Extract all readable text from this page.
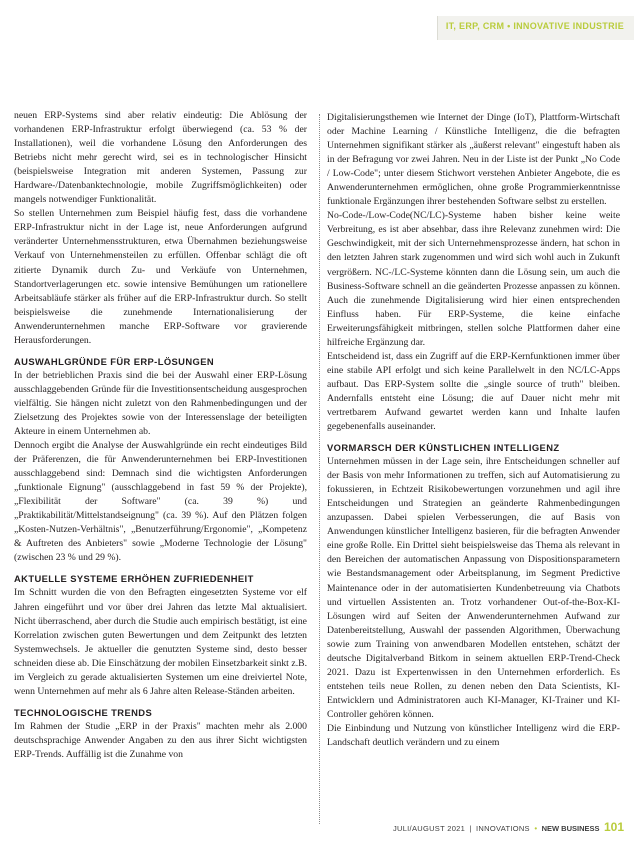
IT, ERP, CRM • INNOVATIVE INDUSTRIE

neuen ERP-Systems sind aber relativ eindeutig: Die Ablösung der vorhandenen ERP-Infrastruktur erfolgt überwiegend (ca. 53 % der Installationen), weil die vorhandene Lösung den Anforderungen des Betriebs nicht mehr gerecht wird, sei es in technologischer Hinsicht (beispielsweise Integration mit anderen Systemen, Passung zur Hardware-/Datenbanktechnologie, mobile Zugriffsmöglichkeiten) oder mangels notwendiger Funktionalität.

So stellen Unternehmen zum Beispiel häufig fest, dass die vorhandene ERP-Infrastruktur nicht in der Lage ist, neue Anforderungen aufgrund veränderter Unternehmensstrukturen, etwa Übernahmen beziehungsweise Verkauf von Unternehmensteilen zu erfüllen. Offenbar schlägt die oft zitierte Dynamik durch Zu- und Verkäufe von Unternehmen, Standortverlagerungen etc. sowie intensive Bemühungen um rationellere Arbeitsabläufe stärker als früher auf die ERP-Infrastruktur durch. So stellt beispielsweise die zunehmende Internationalisierung der Anwenderunternehmen manche ERP-Software vor gravierende Herausforderungen.

AUSWAHLGRÜNDE FÜR ERP-LÖSUNGEN

In der betrieblichen Praxis sind die bei der Auswahl einer ERP-Lösung ausschlaggebenden Gründe für die Investitionsentscheidung ausgesprochen vielfältig. Sie hängen nicht zuletzt von den Rahmenbedingungen und der Zielsetzung des Projektes sowie von der Interessenslage der beteiligten Akteure in einem Unternehmen ab.

Dennoch ergibt die Analyse der Auswahlgründe ein recht eindeutiges Bild der Präferenzen, die für Anwenderunternehmen bei ERP-Investitionen ausschlaggebend sind: Demnach sind die wichtigsten Anforderungen „funktionale Eignung" (ausschlaggebend in fast 59 % der Projekte), „Flexibilität der Software" (ca. 39 %) und „Praktikabilität/Mittelstandseignung" (ca. 39 %). Auf den Plätzen folgen „Kosten-Nutzen-Verhältnis", „Benutzerführung/Ergonomie", „Kompetenz & Auftreten des Anbieters" sowie „Moderne Technologie der Lösung" (zwischen 23 % und 29 %).

AKTUELLE SYSTEME ERHÖHEN ZUFRIEDENHEIT

Im Schnitt wurden die von den Befragten eingesetzten Systeme vor elf Jahren eingeführt und vor über drei Jahren das letzte Mal aktualisiert. Nicht überraschend, aber durch die Studie auch empirisch bestätigt, ist eine Korrelation zwischen guten Bewertungen und dem Zeitpunkt des letzten Systemwechsels. Je aktueller die genutzten Systeme sind, desto besser schneiden diese ab. Die Einschätzung der mobilen Einsetzbarkeit sinkt z.B. im Vergleich zu gerade aktualisierten Systemen um eine dreiviertel Note, wenn Unternehmen auf mehr als 6 Jahre alten Release-Ständen arbeiten.

TECHNOLOGISCHE TRENDS

Im Rahmen der Studie „ERP in der Praxis" machten mehr als 2.000 deutschsprachige Anwender Angaben zu den aus ihrer Sicht wichtigsten ERP-Trends. Auffällig ist die Zunahme von

Digitalisierungsthemen wie Internet der Dinge (IoT), Plattform-Wirtschaft oder Machine Learning / Künstliche Intelligenz, die die befragten Unternehmen signifikant stärker als „äußerst relevant" eingestuft haben als in der Befragung vor zwei Jahren. Neu in der Liste ist der Punkt „No Code / Low-Code"; unter diesem Stichwort verstehen Anbieter Angebote, die es Anwenderunternehmen ermöglichen, ohne große Programmierkenntnisse funktionale Ergänzungen ihrer bestehenden Software selbst zu erstellen.

No-Code-/Low-Code(NC/LC)-Systeme haben bisher keine weite Verbreitung, es ist aber absehbar, dass ihre Relevanz zunehmen wird: Die Geschwindigkeit, mit der sich Unternehmensprozesse ändern, hat schon in den letzten Jahren stark zugenommen und wird sich wohl auch in Zukunft vergrößern. NC-/LC-Systeme könnten dann die Lösung sein, um auch die Business-Software schnell an die geänderten Prozesse anpassen zu können. Auch die zunehmende Digitalisierung wird hier einen entsprechenden Einfluss haben. Für ERP-Systeme, die keine einfache Erweiterungsfähigkeit mitbringen, stellen solche Plattformen daher eine hilfreiche Ergänzung dar.

Entscheidend ist, dass ein Zugriff auf die ERP-Kernfunktionen immer über eine stabile API erfolgt und sich keine Parallelwelt in den NC/LC-Apps aufbaut. Das ERP-System sollte die „single source of truth" bleiben. Andernfalls entsteht eine Lösung; die auf Dauer nicht mehr mit vertretbarem Aufwand gewartet werden kann und Inhalte laufen gegebenenfalls auseinander.

VORMARSCH DER KÜNSTLICHEN INTELLIGENZ

Unternehmen müssen in der Lage sein, ihre Entscheidungen schneller auf der Basis von mehr Informationen zu treffen, sich auf Automatisierung zu fokussieren, in Echtzeit Risikobewertungen vorzunehmen und agil ihre Entscheidungen und Strategien an geänderte Rahmenbedingungen anzupassen. Dabei spielen Verbesserungen, die auf Basis von Anwendungen künstlicher Intelligenz basieren, für die befragten Anwender eine große Rolle. Ein Drittel sieht beispielsweise das Thema als relevant in den Bereichen der automatischen Anpassung von Dispositionsparametern wie Bestandsmanagement oder Arbeitsplanung, im Segment Predictive Maintenance oder in der automatisierten Kundenbetreuung via Chatbots und virtuellen Assistenten an. Trotz vorhandener Out-of-the-Box-KI-Lösungen wird auf Seiten der Anwenderunternehmen Aufwand zur Datenbereitstellung, Auswahl der passenden Algorithmen, Überwachung sowie zum Training von anwendbaren Modellen entstehen, schätzt der deutsche Digitalverband Bitkom in seinem aktuellen ERP-Trend-Check 2021. Dazu ist Expertenwissen in den Unternehmen erforderlich. Es entstehen teils neue Rollen, zu denen neben den Data Scientists, KI-Entwicklern und Administratoren auch KI-Manager, KI-Trainer und KI-Controller gehören können.

Die Einbindung und Nutzung von künstlicher Intelligenz wird die ERP-Landschaft deutlich verändern und zu einem

JULI/AUGUST 2021 | INNOVATIONS • NEW BUSINESS 101
